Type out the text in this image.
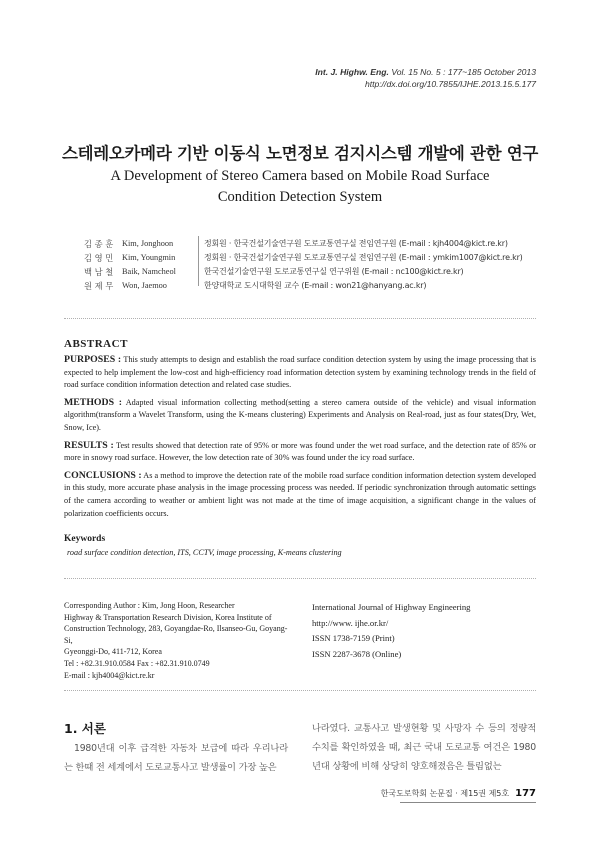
Int. J. Highw. Eng. Vol. 15 No. 5 : 177~185 October 2013
http://dx.doi.org/10.7855/IJHE.2013.15.5.177
스테레오카메라 기반 이동식 노면정보 검지시스템 개발에 관한 연구
A Development of Stereo Camera based on Mobile Road Surface
Condition Detection System
김 종 훈	Kim, Jonghoon	정회원 · 한국건설기술연구원 도로교통연구실 전임연구원 (E-mail : kjh4004@kict.re.kr)
김 영 민	Kim, Youngmin	정회원 · 한국건설기술연구원 도로교통연구실 전임연구원 (E-mail : ymkim1007@kict.re.kr)
백 남 철	Baik, Namcheol	한국건설기술연구원 도로교통연구실 연구위원 (E-mail : nc100@kict.re.kr)
원 제 무	Won, Jaemoo	한양대학교 도시대학원 교수 (E-mail : won21@hanyang.ac.kr)
ABSTRACT

PURPOSES : This study attempts to design and establish the road surface condition detection system by using the image processing that is expected to help implement the low-cost and high-efficiency road information detection system by examining technology trends in the field of road surface condition information detection and related case studies.

METHODS : Adapted visual information collecting method(setting a stereo camera outside of the vehicle) and visual information algorithm(transform a Wavelet Transform, using the K-means clustering) Experiments and Analysis on Real-road, just as four states(Dry, Wet, Snow, Ice).

RESULTS : Test results showed that detection rate of 95% or more was found under the wet road surface, and the detection rate of 85% or more in snowy road surface. However, the low detection rate of 30% was found under the icy road surface.

CONCLUSIONS : As a method to improve the detection rate of the mobile road surface condition information detection system developed in this study, more accurate phase analysis in the image processing process was needed. If periodic synchronization through automatic settings of the camera according to weather or ambient light was not made at the time of image acquisition, a significant change in the values of polarization coefficients occurs.

Keywords
road surface condition detection, ITS, CCTV, image processing, K-means clustering
Corresponding Author : Kim, Jong Hoon, Researcher
Highway & Transportation Research Division, Korea Institute of
Construction Technology, 283, Goyangdae-Ro, Ilsanseo-Gu, Goyang-Si,
Gyeonggi-Do, 411-712, Korea
Tel : +82.31.910.0584 Fax : +82.31.910.0749
E-mail : kjh4004@kict.re.kr
International Journal of Highway Engineering
http://www. ijhe.or.kr/
ISSN 1738-7159 (Print)
ISSN 2287-3678 (Online)
1. 서론
1980년대 이후 급격한 자동차 보급에 따라 우리나라는 한때 전 세계에서 도로교통사고 발생률이 가장 높은
나라였다. 교통사고 발생현황 및 사망자 수 등의 정량적 수치를 확인하였을 때, 최근 국내 도로교통 여건은 1980년대 상황에 비해 상당히 양호해졌음은 틀림없는
한국도로학회 논문집 · 제15권 제5호 177
